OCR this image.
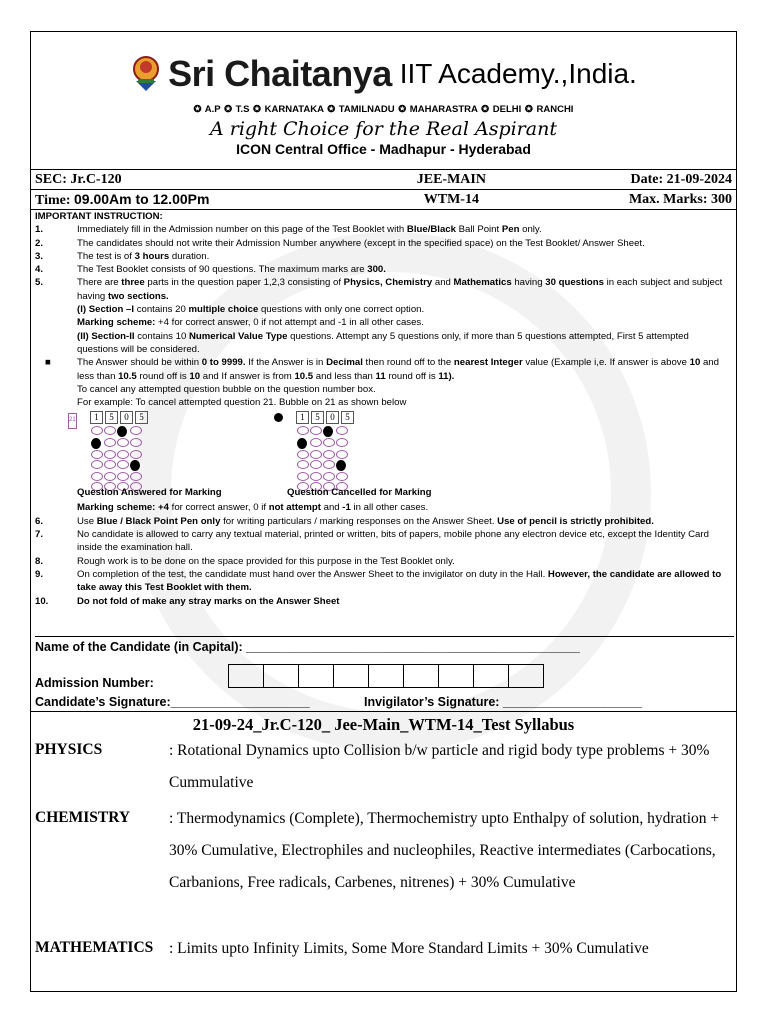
Sri Chaitanya IIT Academy.,India.
✪ A.P ✪ T.S ✪ KARNATAKA ✪ TAMILNADU ✪ MAHARASTRA ✪ DELHI ✪ RANCHI
A right Choice for the Real Aspirant
ICON Central Office - Madhapur - Hyderabad
SEC: Jr.C-120	JEE-MAIN	Date: 21-09-2024
Time: 09.00Am to 12.00Pm	WTM-14	Max. Marks: 300
IMPORTANT INSTRUCTION:
1.	Immediately fill in the Admission number on this page of the Test Booklet with Blue/Black Ball Point Pen only.
2.	The candidates should not write their Admission Number anywhere (except in the specified space) on the Test Booklet/ Answer Sheet.
3.	The test is of 3 hours duration.
4.	The Test Booklet consists of 90 questions. The maximum marks are 300.
5.	There are three parts in the question paper 1,2,3 consisting of Physics, Chemistry and Mathematics having 30 questions in each subject and subject having two sections.
(I) Section –I contains 20 multiple choice questions with only one correct option.
Marking scheme: +4 for correct answer, 0 if not attempt and -1 in all other cases.
(II) Section-II contains 10 Numerical Value Type questions. Attempt any 5 questions only, if more than 5 questions attempted, First 5 attempted questions will be considered.
■	The Answer should be within 0 to 9999. If the Answer is in Decimal then round off to the nearest Integer value (Example i,e. If answer is above 10 and less than 10.5 round off is 10 and If answer is from 10.5 and less than 11 round off is 11).
To cancel any attempted question bubble on the question number box.
For example: To cancel attempted question 21. Bubble on 21 as shown below
21	1	5	0	5	1	5	0	5
Question Answered for Marking	Question Cancelled for Marking
Marking scheme: +4 for correct answer, 0 if not attempt and -1 in all other cases.
6.	Use Blue / Black Point Pen only for writing particulars / marking responses on the Answer Sheet. Use of pencil is strictly prohibited.
7.	No candidate is allowed to carry any textual material, printed or written, bits of papers, mobile phone any electron device etc, except the Identity Card inside the examination hall.
8.	Rough work is to be done on the space provided for this purpose in the Test Booklet only.
9.	On completion of the test, the candidate must hand over the Answer Sheet to the invigilator on duty in the Hall. However, the candidate are allowed to take away this Test Booklet with them.
10.	Do not fold of make any stray marks on the Answer Sheet
Name of the Candidate (in Capital): ________________________________________________
Admission Number:
Candidate’s Signature:____________________	Invigilator’s Signature: ____________________
21-09-24_Jr.C-120_ Jee-Main_WTM-14_Test Syllabus
PHYSICS	: Rotational Dynamics upto Collision b/w particle and rigid body type problems + 30% Cummulative
CHEMISTRY	: Thermodynamics (Complete), Thermochemistry upto Enthalpy of solution, hydration + 30% Cumulative, Electrophiles and nucleophiles, Reactive intermediates (Carbocations, Carbanions, Free radicals, Carbenes, nitrenes) + 30% Cumulative
MATHEMATICS : Limits upto Infinity Limits, Some More Standard Limits + 30% Cumulative
